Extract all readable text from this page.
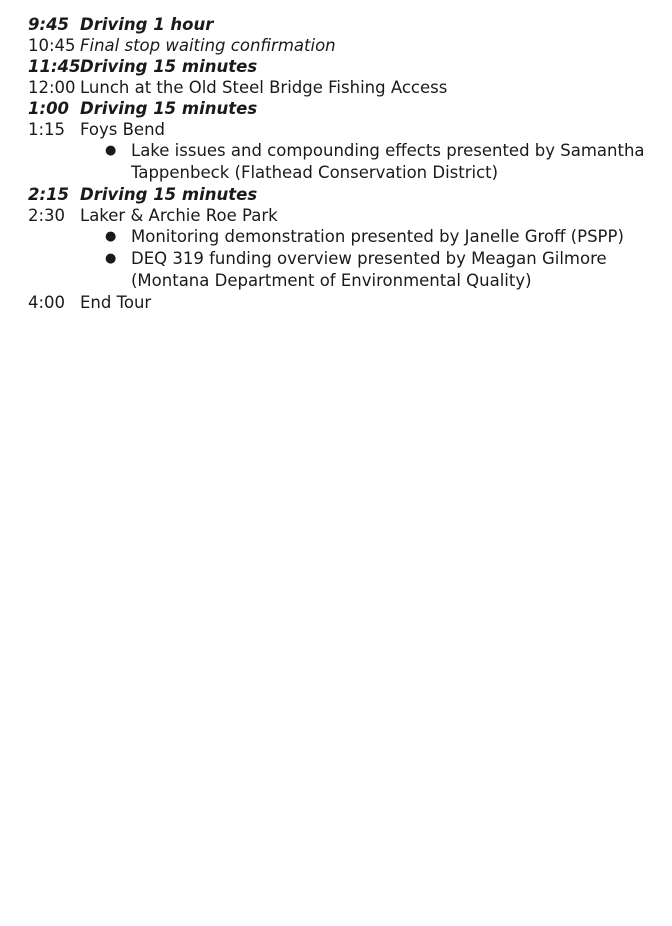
9:45 Driving 1 hour
10:45 Final stop waiting confirmation
11:45 Driving 15 minutes
12:00 Lunch at the Old Steel Bridge Fishing Access
1:00 Driving 15 minutes
1:15 Foys Bend
● Lake issues and compounding effects presented by Samantha Tappenbeck (Flathead Conservation District)
2:15 Driving 15 minutes
2:30 Laker & Archie Roe Park
● Monitoring demonstration presented by Janelle Groff (PSPP)
● DEQ 319 funding overview presented by Meagan Gilmore (Montana Department of Environmental Quality)
4:00 End Tour
